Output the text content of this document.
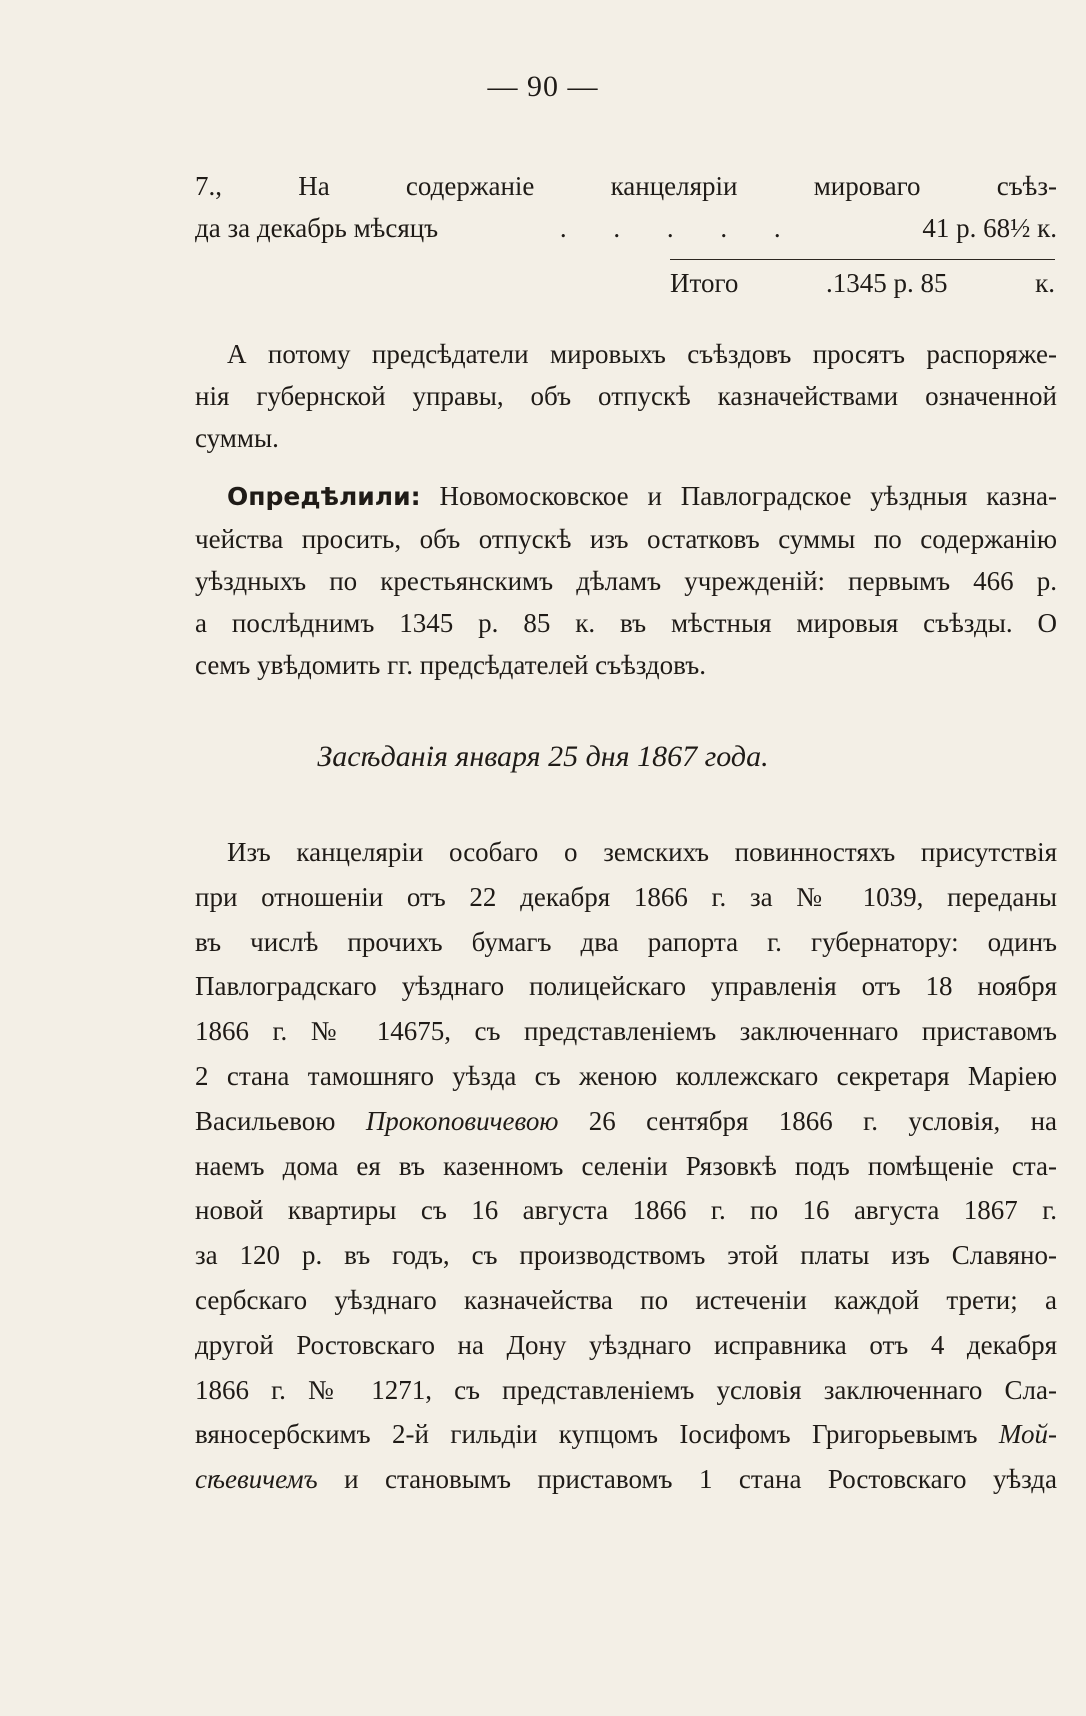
— 90 —
7., На содержаніе канцеляріи мироваго съѣз-
да за декабрь мѣсяцъ	. . . . .	41 р. 68½ к.
Итого	.1345 р. 85	к.
А потому предсѣдатели мировыхъ съѣздовъ просятъ распоряже-
нія губернской управы, объ отпускѣ казначействами означенной
суммы.
Опредѣлили: Новомосковское и Павлоградское уѣздныя казна-
чейства просить, объ отпускѣ изъ остатковъ суммы по содержанію
уѣздныхъ по крестьянскимъ дѣламъ учрежденій: первымъ 466 р.
а послѣднимъ 1345 р. 85 к. въ мѣстныя мировыя съѣзды. О
семъ увѣдомить гг. предсѣдателей съѣздовъ.
Засѣданія января 25 дня 1867 года.
Изъ канцеляріи особаго о земскихъ повинностяхъ присутствія
при отношеніи отъ 22 декабря 1866 г. за № 1039, переданы
въ числѣ прочихъ бумагъ два рапорта г. губернатору: одинъ
Павлоградскаго уѣзднаго полицейскаго управленія отъ 18 ноября
1866 г. № 14675, съ представленіемъ заключеннаго приставомъ
2 стана тамошняго уѣзда съ женою коллежскаго секретаря Маріею
Васильевою Прокоповичевою 26 сентября 1866 г. условія, на
наемъ дома ея въ казенномъ селеніи Рязовкѣ подъ помѣщеніе ста-
новой квартиры съ 16 августа 1866 г. по 16 августа 1867 г.
за 120 р. въ годъ, съ производствомъ этой платы изъ Славяно-
сербскаго уѣзднаго казначейства по истеченіи каждой трети; а
другой Ростовскаго на Дону уѣзднаго исправника отъ 4 декабря
1866 г. № 1271, съ представленіемъ условія заключеннаго Сла-
вяносербскимъ 2-й гильдіи купцомъ Іосифомъ Григорьевымъ Мой-
сѣевичемъ и становымъ приставомъ 1 стана Ростовскаго уѣзда
